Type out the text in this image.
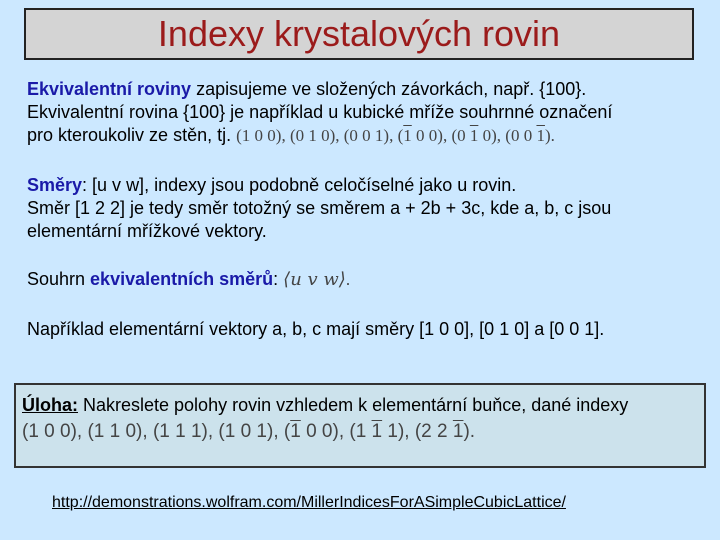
Indexy krystalových rovin
Ekvivalentní roviny zapisujeme ve složených závorkách, např. {100}.
Ekvivalentní rovina {100} je například u kubické mříže souhrnné označení
pro kteroukoliv ze stěn, tj. (1 0 0), (0 1 0), (0 0 1), (1 0 0), (0 1 0), (0 0 1).
Směry: [u v w], indexy jsou podobně celočíselné jako u rovin.
Směr [1 2 2] je tedy směr totožný se směrem a + 2b + 3c, kde a, b, c jsou
elementární mřížkové vektory.
Souhrn ekvivalentních směrů: ⟨u v w⟩.
Například elementární vektory a, b, c mají směry [1 0 0], [0 1 0] a [0 0 1].
Úloha: Nakreslete polohy rovin vzhledem k elementární buňce, dané indexy
(1 0 0), (1 1 0), (1 1 1), (1 0 1), (1 0 0), (1 1 1), (2 2 1).
http://demonstrations.wolfram.com/MillerIndicesForASimpleCubicLattice/
